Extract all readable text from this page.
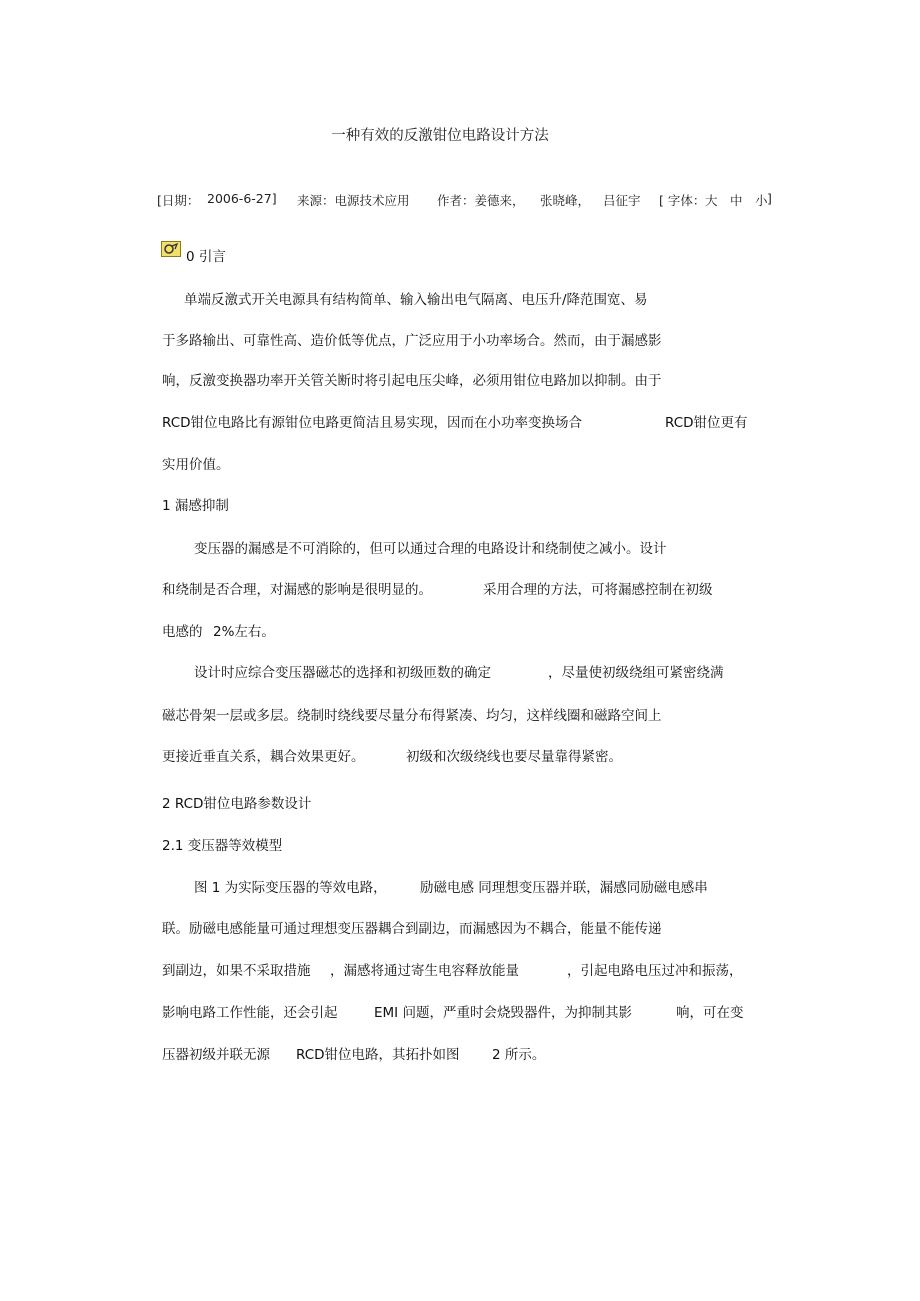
一种有效的反激钳位电路设计方法
[日期： 2006-6-27] 来源：电源技术应用 作者：姜德来， 张晓峰， 吕征宇 [ 字体： 大 中 小 ]
0 引言
单端反激式开关电源具有结构简单、输入输出电气隔离、电压升/降范围宽、易
于多路输出、可靠性高、造价低等优点，广泛应用于小功率场合。然而，由于漏感影
响，反激变换器功率开关管关断时将引起电压尖峰，必须用钳位电路加以抑制。由于
RCD钳位电路比有源钳位电路更简洁且易实现，因而在小功率变换场合	RCD钳位更有
实用价值。
1 漏感抑制
变压器的漏感是不可消除的，但可以通过合理的电路设计和绕制使之减小。设计
和绕制是否合理，对漏感的影响是很明显的。	采用合理的方法，可将漏感控制在初级
电感的 2%左右。
设计时应综合变压器磁芯的选择和初级匝数的确定	，尽量使初级绕组可紧密绕满
磁芯骨架一层或多层。绕制时绕线要尽量分布得紧凑、均匀，这样线圈和磁路空间上
更接近垂直关系，耦合效果更好。	初级和次级绕线也要尽量靠得紧密。
2 RCD钳位电路参数设计
2.1 变压器等效模型
图 1 为实际变压器的等效电路， 励磁电感 同理想变压器并联，漏感同励磁电感串
联。励磁电感能量可通过理想变压器耦合到副边，而漏感因为不耦合，能量不能传递
到副边，如果不采取措施 ，漏感将通过寄生电容释放能量	，引起电路电压过冲和振荡，
影响电路工作性能，还会引起	EMI 问题，严重时会烧毁器件，为抑制其影	响，可在变
压器初级并联无源 RCD钳位电路，其拓扑如图 2 所示。
